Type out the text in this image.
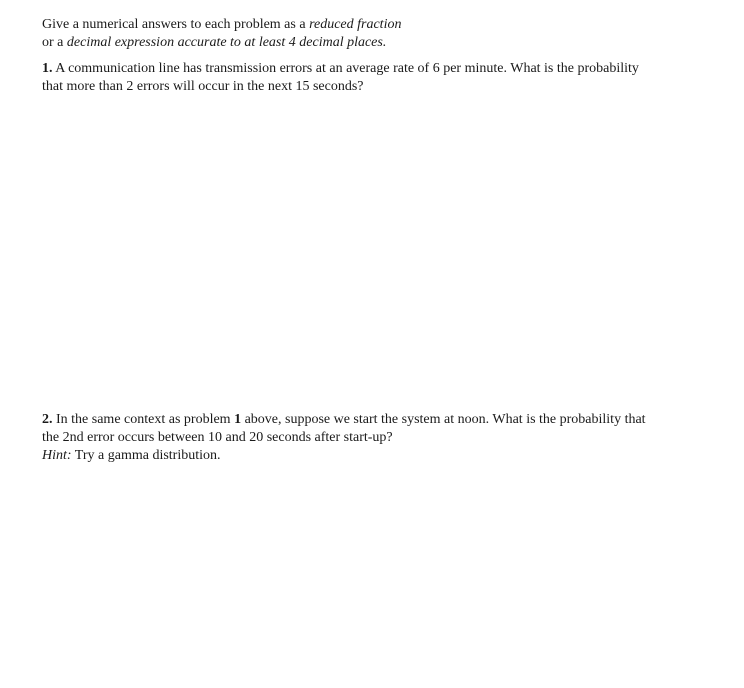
Give a numerical answers to each problem as a reduced fraction
or a decimal expression accurate to at least 4 decimal places.

1. A communication line has transmission errors at an average rate of 6 per minute. What is the probability
that more than 2 errors will occur in the next 15 seconds?

2. In the same context as problem 1 above, suppose we start the system at noon. What is the probability that
the 2nd error occurs between 10 and 20 seconds after start-up?
Hint: Try a gamma distribution.
